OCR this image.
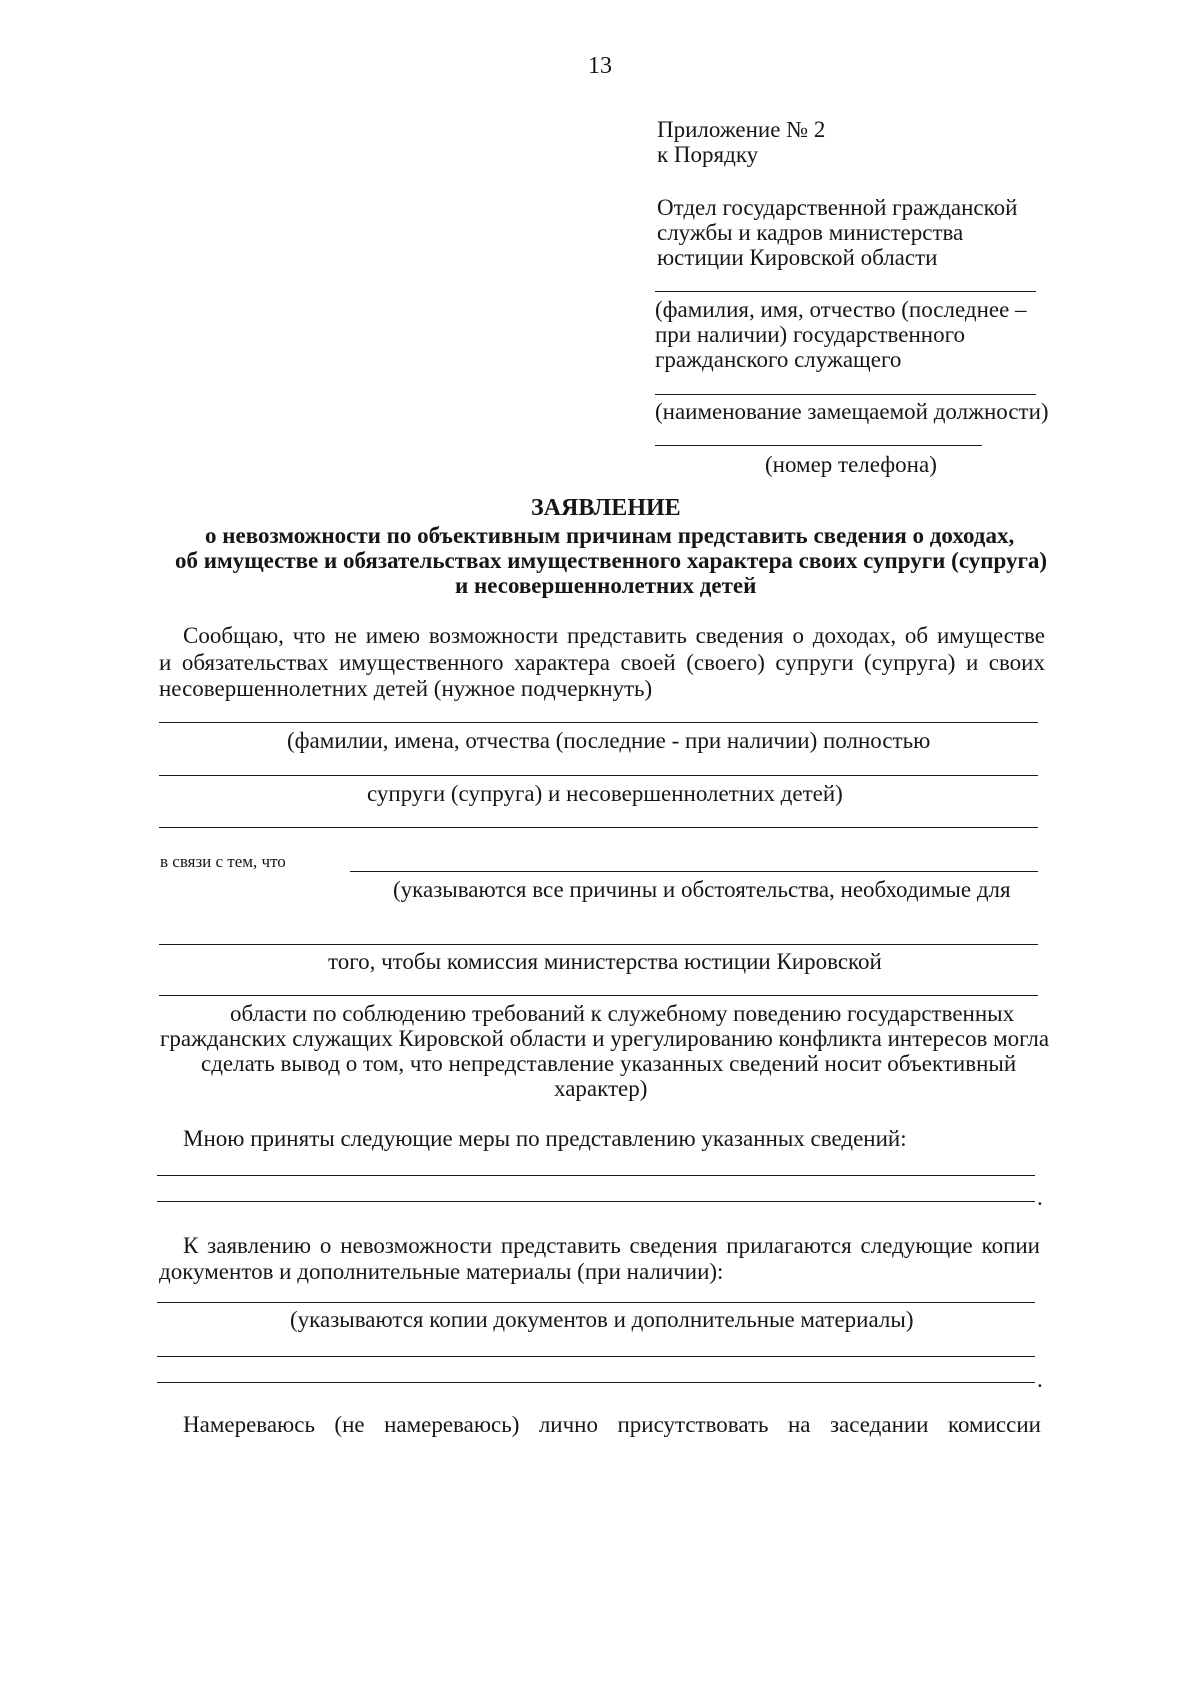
13
Приложение № 2
к Порядку
Отдел государственной гражданской
службы и кадров министерства
юстиции Кировской области
(фамилия, имя, отчество (последнее –
при наличии) государственного
гражданского служащего
(наименование замещаемой должности)
(номер телефона)
ЗАЯВЛЕНИЕ
о невозможности по объективным причинам представить сведения о доходах,
об имуществе и обязательствах имущественного характера своих супруги (супруга)
и несовершеннолетних детей
Сообщаю, что не имею возможности представить сведения о доходах, об имуществе
и обязательствах имущественного характера своей (своего) супруги (супруга) и своих
несовершеннолетних детей (нужное подчеркнуть)
(фамилии, имена, отчества (последние - при наличии) полностью
супруги (супруга) и несовершеннолетних детей)
в связи с тем, что
(указываются все причины и обстоятельства, необходимые для
того, чтобы комиссия министерства юстиции Кировской
области по соблюдению требований к служебному поведению государственных
гражданских служащих Кировской области и урегулированию конфликта интересов могла
сделать вывод о том, что непредставление указанных сведений носит объективный
характер)
Мною приняты следующие меры по представлению указанных сведений:
.
К заявлению о невозможности представить сведения прилагаются следующие копии
документов и дополнительные материалы (при наличии):
(указываются копии документов и дополнительные материалы)
.
Намереваюсь (не намереваюсь) лично присутствовать на заседании комиссии
